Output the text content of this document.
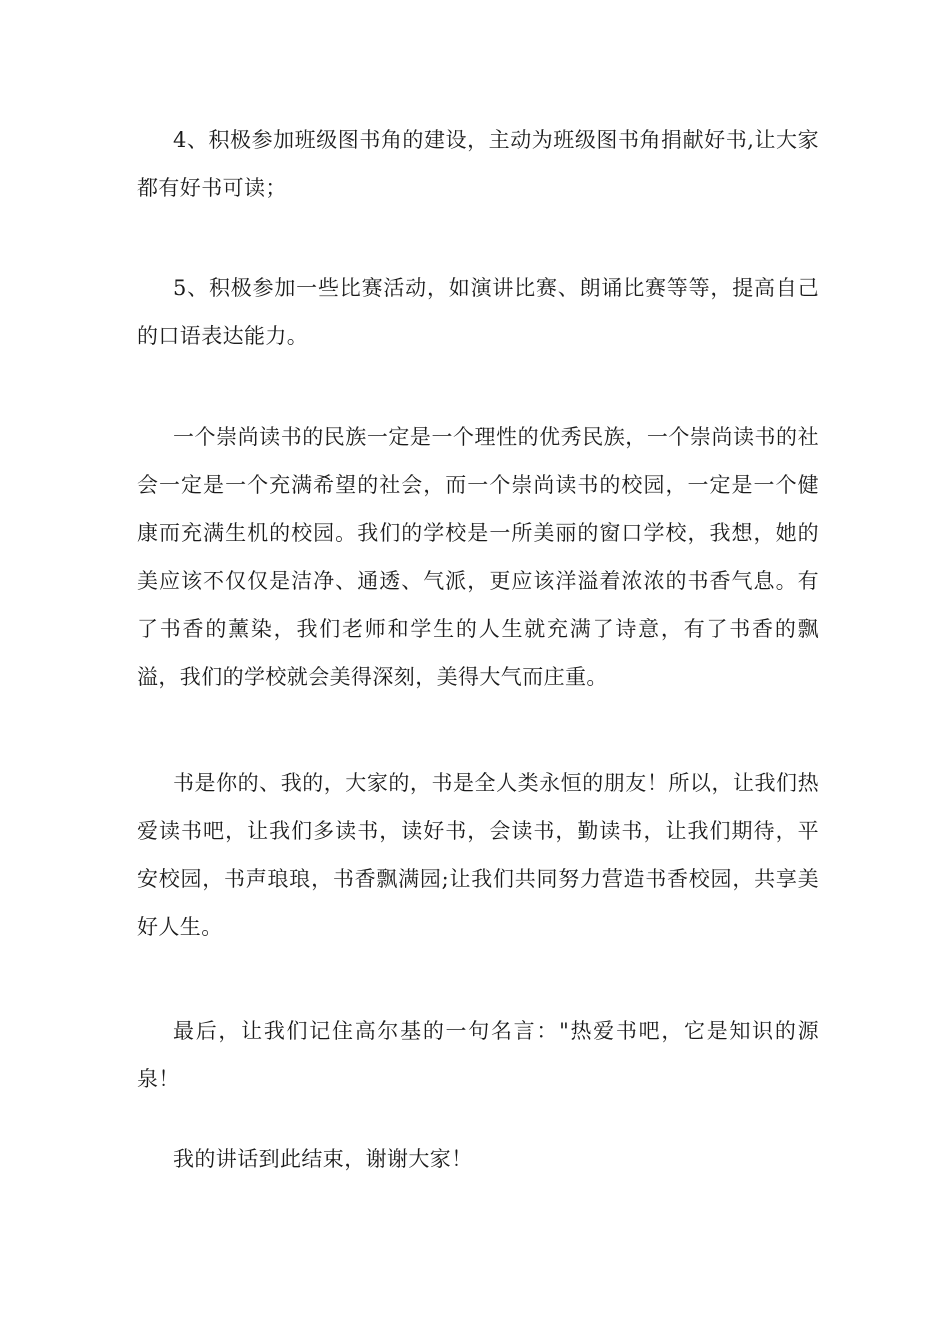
4、积极参加班级图书角的建设，主动为班级图书角捐献好书,让大家都有好书可读；

5、积极参加一些比赛活动，如演讲比赛、朗诵比赛等等，提高自己的口语表达能力。

一个崇尚读书的民族一定是一个理性的优秀民族，一个崇尚读书的社会一定是一个充满希望的社会，而一个崇尚读书的校园，一定是一个健康而充满生机的校园。我们的学校是一所美丽的窗口学校，我想，她的美应该不仅仅是洁净、通透、气派，更应该洋溢着浓浓的书香气息。有了书香的薰染，我们老师和学生的人生就充满了诗意，有了书香的飘溢，我们的学校就会美得深刻，美得大气而庄重。

书是你的、我的，大家的，书是全人类永恒的朋友！所以，让我们热爱读书吧，让我们多读书，读好书，会读书，勤读书，让我们期待，平安校园，书声琅琅，书香飘满园;让我们共同努力营造书香校园，共享美好人生。

最后，让我们记住高尔基的一句名言："热爱书吧，它是知识的源泉！

我的讲话到此结束，谢谢大家！
